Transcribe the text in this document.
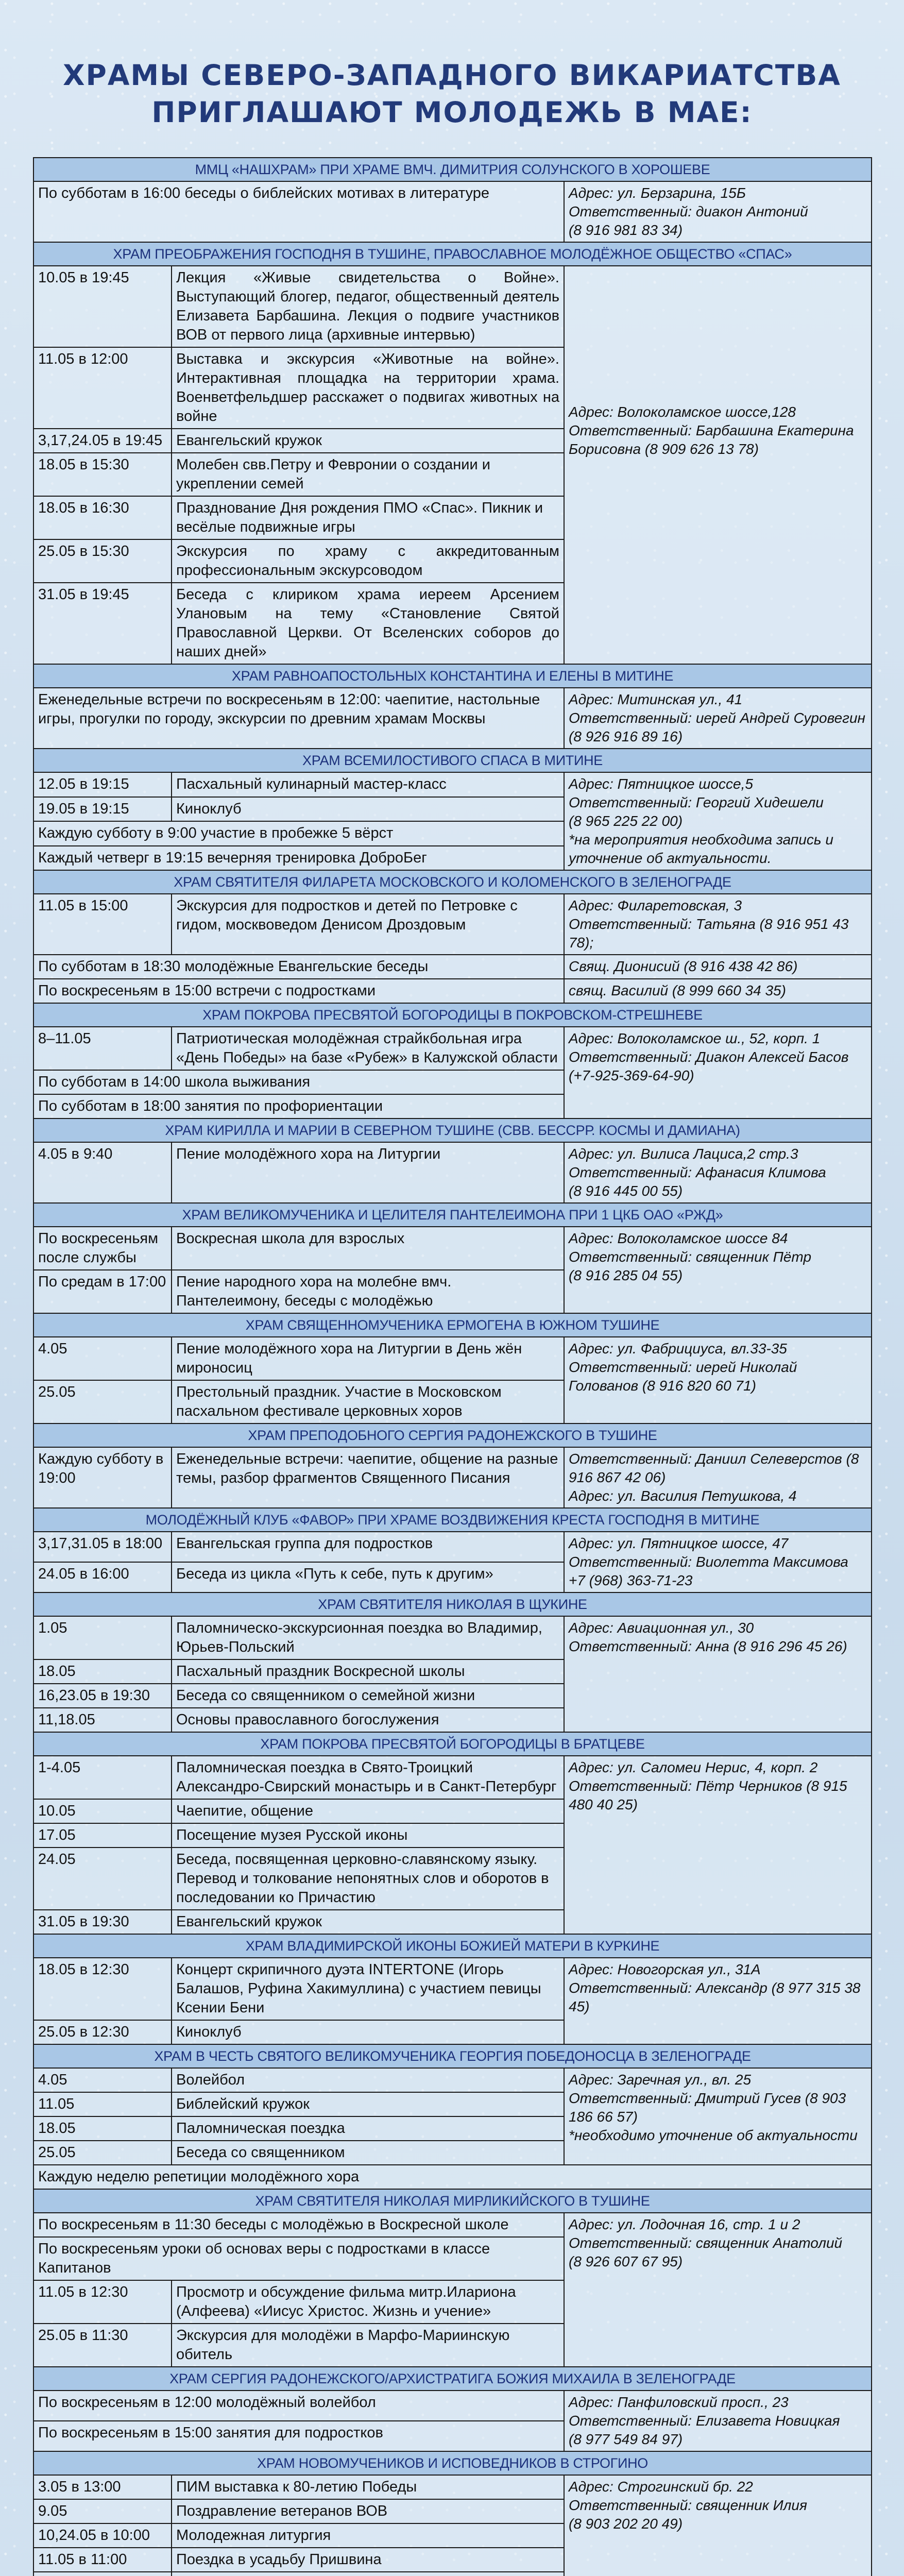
ХРАМЫ СЕВЕРО-ЗАПАДНОГО ВИКАРИАТСТВА
ПРИГЛАШАЮТ МОЛОДЕЖЬ В МАЕ:
ММЦ «НАШХРАМ» ПРИ ХРАМЕ ВМЧ. ДИМИТРИЯ СОЛУНСКОГО В ХОРОШЕВЕ		
По субботам в 16:00 беседы о библейских мотивах в литературе		Адрес: ул. Берзарина, 15Б
Ответственный: диакон Антоний
(8 916 981 83 34)
ХРАМ ПРЕОБРАЖЕНИЯ ГОСПОДНЯ В ТУШИНЕ, ПРАВОСЛАВНОЕ МОЛОДЁЖНОЕ ОБЩЕСТВО «СПАС»		
10.05 в 19:45	Лекция «Живые свидетельства о Войне». Выступающий блогер, педагог, общественный деятель Елизавета Барбашина. Лекция о подвиге участников ВОВ от первого лица (архивные интервью)	Адрес: Волоколамское шоссе,128
Ответственный: Барбашина Екатерина Борисовна (8 909 626 13 78)
11.05 в 12:00	Выставка и экскурсия «Животные на войне». Интерактивная площадка на территории храма. Военветфельдшер расскажет о подвигах животных на войне	
3,17,24.05 в 19:45	Евангельский кружок	
18.05 в 15:30	Молебен свв.Петру и Февронии о создании и укреплении семей	
18.05 в 16:30	Празднование Дня рождения ПМО «Спас». Пикник и весёлые подвижные игры	
25.05 в 15:30	Экскурсия по храму с аккредитованным профессиональным экскурсоводом	
31.05 в 19:45	Беседа с клириком храма иереем Арсением Улановым на тему «Становление Святой Православной Церкви. От Вселенских соборов до наших дней»	
ХРАМ РАВНОАПОСТОЛЬНЫХ КОНСТАНТИНА И ЕЛЕНЫ В МИТИНЕ		
Еженедельные встречи по воскресеньям в 12:00: чаепитие, настольные игры, прогулки по городу, экскурсии по древним храмам Москвы		Адрес: Митинская ул., 41
Ответственный: иерей Андрей Суровегин
(8 926 916 89 16)
ХРАМ ВСЕМИЛОСТИВОГО СПАСА В МИТИНЕ		
12.05 в 19:15	Пасхальный кулинарный мастер-класс	Адрес: Пятницкое шоссе,5
Ответственный: Георгий Хидешели
(8 965 225 22 00)
*на мероприятия необходима запись и уточнение об актуальности.
19.05 в 19:15	Киноклуб	
Каждую субботу в 9:00 участие в пробежке 5 вёрст		
Каждый четверг в 19:15 вечерняя тренировка ДоброБег		
ХРАМ СВЯТИТЕЛЯ ФИЛАРЕТА МОСКОВСКОГО И КОЛОМЕНСКОГО В ЗЕЛЕНОГРАДЕ		
11.05 в 15:00	Экскурсия для подростков и детей по Петровке с гидом, москвоведом Денисом Дроздовым	Адрес: Филаретовская, 3
Ответственный: Татьяна (8 916 951 43 78);
По субботам в 18:30 молодёжные Евангельские беседы		Свящ. Дионисий (8 916 438 42 86)
По воскресеньям в 15:00 встречи с подростками		свящ. Василий (8 999 660 34 35)

ХРАМ ПОКРОВА ПРЕСВЯТОЙ БОГОРОДИЦЫ В ПОКРОВСКОМ-СТРЕШНЕВЕ		
8–11.05	Патриотическая молодёжная страйкбольная игра «День Победы» на базе «Рубеж» в Калужской области	Адрес: Волоколамское ш., 52, корп. 1
Ответственный: Диакон Алексей Басов
(+7-925-369-64-90)
По субботам в 14:00 школа выживания		
По субботам в 18:00 занятия по профориентации		
ХРАМ КИРИЛЛА И МАРИИ В СЕВЕРНОМ ТУШИНЕ (СВВ. БЕССРР. КОСМЫ И ДАМИАНА)		
4.05 в 9:40	Пение молодёжного хора на Литургии	Адрес: ул. Вилиса Лациса,2 стр.3
Ответственный: Афанасия Климова
(8 916 445 00 55)
ХРАМ ВЕЛИКОМУЧЕНИКА И ЦЕЛИТЕЛЯ ПАНТЕЛЕИМОНА ПРИ 1 ЦКБ ОАО «РЖД»		
По воскресеньям после службы	Воскресная школа для взрослых	Адрес: Волоколамское шоссе 84
Ответственный: священник Пётр
(8 916 285 04 55)
По средам в 17:00	Пение народного хора на молебне вмч. Пантелеимону, беседы с молодёжью	
ХРАМ СВЯЩЕННОМУЧЕНИКА ЕРМОГЕНА В ЮЖНОМ ТУШИНЕ		
4.05	Пение молодёжного хора на Литургии в День жён мироносиц	Адрес: ул. Фабрициуса, вл.33-35
Ответственный: иерей Николай Голованов (8 916 820 60 71)
25.05	Престольный праздник. Участие в Московском пасхальном фестивале церковных хоров	
ХРАМ ПРЕПОДОБНОГО СЕРГИЯ РАДОНЕЖСКОГО В ТУШИНЕ		
Каждую субботу в 19:00	Еженедельные встречи: чаепитие, общение на разные темы, разбор фрагментов Священного Писания	Ответственный: Даниил Селеверстов (8 916 867 42 06)
Адрес: ул. Василия Петушкова, 4
МОЛОДЁЖНЫЙ КЛУБ «ФАВОР» ПРИ ХРАМЕ ВОЗДВИЖЕНИЯ КРЕСТА ГОСПОДНЯ В МИТИНЕ		
3,17,31.05 в 18:00	Евангельская группа для подростков	Адрес: ул. Пятницкое шоссе, 47
Ответственный: Виолетта Максимова
+7 (968) 363-71-23
24.05 в 16:00	Беседа из цикла «Путь к себе, путь к другим»	
ХРАМ СВЯТИТЕЛЯ НИКОЛАЯ В ЩУКИНЕ		
1.05	Паломническо-экскурсионная поездка во Владимир, Юрьев-Польский	Адрес: Авиационная ул., 30
Ответственный: Анна (8 916 296 45 26)
18.05	Пасхальный праздник Воскресной школы	
16,23.05 в 19:30	Беседа со священником о семейной жизни	
11,18.05	Основы православного богослужения	
ХРАМ ПОКРОВА ПРЕСВЯТОЙ БОГОРОДИЦЫ В БРАТЦЕВЕ		
1-4.05	Паломническая поездка в Свято-Троицкий Александро-Свирский монастырь и в Санкт-Петербург	Адрес: ул. Саломеи Нерис, 4, корп. 2
Ответственный: Пётр Черников (8 915 480 40 25)
10.05	Чаепитие, общение	
17.05	Посещение музея Русской иконы	
24.05	Беседа, посвященная церковно-славянскому языку. Перевод и толкование непонятных слов и оборотов в последовании ко Причастию	
31.05 в 19:30	Евангельский кружок	

ХРАМ ВЛАДИМИРСКОЙ ИКОНЫ БОЖИЕЙ МАТЕРИ В КУРКИНЕ		
18.05 в 12:30	Концерт скрипичного дуэта INTERTONE (Игорь Балашов, Руфина Хакимуллина) с участием певицы Ксении Бени	Адрес: Новогорская ул., 31А
Ответственный: Александр (8 977 315 38 45)
25.05 в 12:30	Киноклуб	
ХРАМ В ЧЕСТЬ СВЯТОГО ВЕЛИКОМУЧЕНИКА ГЕОРГИЯ ПОБЕДОНОСЦА В ЗЕЛЕНОГРАДЕ		
4.05	Волейбол	Адрес: Заречная ул., вл. 25
Ответственный: Дмитрий Гусев (8 903 186 66 57)
*необходимо уточнение об актуальности
11.05	Библейский кружок	
18.05	Паломническая поездка	
25.05	Беседа со священником	
Каждую неделю репетиции молодёжного хора		
ХРАМ СВЯТИТЕЛЯ НИКОЛАЯ МИРЛИКИЙСКОГО В ТУШИНЕ		
По воскресеньям в 11:30 беседы с молодёжью в Воскресной школе		Адрес: ул. Лодочная 16, стр. 1 и 2
Ответственный: священник Анатолий
(8 926 607 67 95)
По воскресеньям уроки об основах веры с подростками в классе Капитанов		
11.05 в 12:30	Просмотр и обсуждение фильма митр.Илариона (Алфеева) «Иисус Христос. Жизнь и учение»	
25.05 в 11:30	Экскурсия для молодёжи в Марфо-Мариинскую обитель	
ХРАМ СЕРГИЯ РАДОНЕЖСКОГО/АРХИСТРАТИГА БОЖИЯ МИХАИЛА В ЗЕЛЕНОГРАДЕ		
По воскресеньям в 12:00 молодёжный волейбол		Адрес: Панфиловский просп., 23
Ответственный: Елизавета Новицкая
(8 977 549 84 97)
По воскресеньям в 15:00 занятия для подростков		

ХРАМ НОВОМУЧЕНИКОВ И ИСПОВЕДНИКОВ В СТРОГИНО		
3.05 в 13:00	ПИМ выставка к 80-летию Победы	Адрес: Строгинский бр. 22
Ответственный: священник Илия
(8 903 202 20 49)
9.05	Поздравление ветеранов ВОВ	
10,24.05 в 10:00	Молодежная литургия	
11.05 в 11:00	Поездка в усадьбу Пришвина	
